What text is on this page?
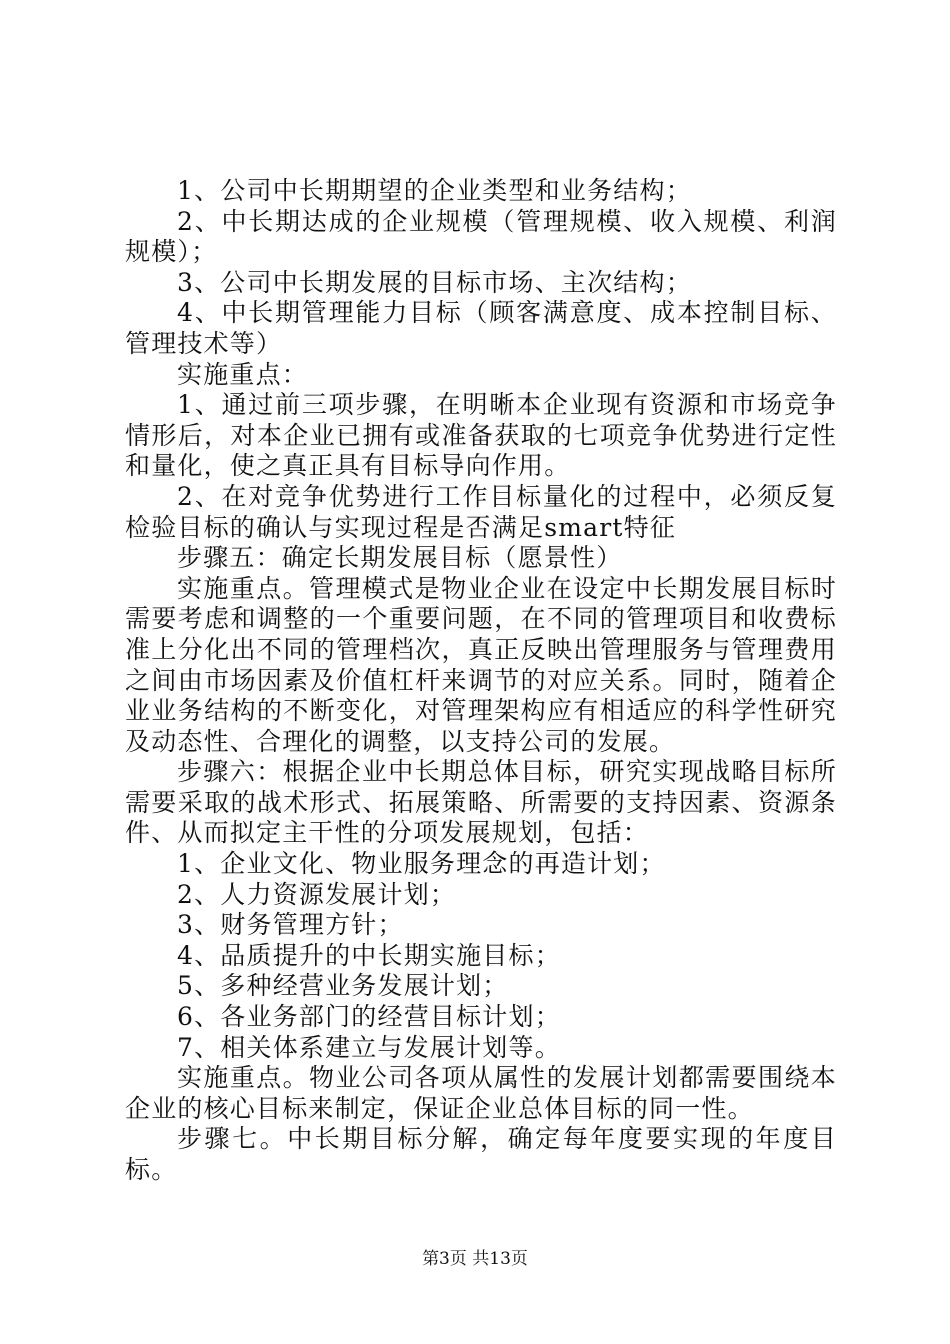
1、公司中长期期望的企业类型和业务结构；

2、中长期达成的企业规模（管理规模、收入规模、利润规模）；

3、公司中长期发展的目标市场、主次结构；

4、中长期管理能力目标（顾客满意度、成本控制目标、管理技术等）

实施重点：

1、通过前三项步骤，在明晰本企业现有资源和市场竞争情形后，对本企业已拥有或准备获取的七项竞争优势进行定性和量化，使之真正具有目标导向作用。

2、在对竞争优势进行工作目标量化的过程中，必须反复检验目标的确认与实现过程是否满足smart特征

步骤五：确定长期发展目标（愿景性）

实施重点。管理模式是物业企业在设定中长期发展目标时需要考虑和调整的一个重要问题，在不同的管理项目和收费标准上分化出不同的管理档次，真正反映出管理服务与管理费用之间由市场因素及价值杠杆来调节的对应关系。同时，随着企业业务结构的不断变化，对管理架构应有相适应的科学性研究及动态性、合理化的调整，以支持公司的发展。

步骤六：根据企业中长期总体目标，研究实现战略目标所需要采取的战术形式、拓展策略、所需要的支持因素、资源条件、从而拟定主干性的分项发展规划，包括：

1、企业文化、物业服务理念的再造计划；

2、人力资源发展计划；

3、财务管理方针；

4、品质提升的中长期实施目标；

5、多种经营业务发展计划；

6、各业务部门的经营目标计划；

7、相关体系建立与发展计划等。

实施重点。物业公司各项从属性的发展计划都需要围绕本企业的核心目标来制定，保证企业总体目标的同一性。

步骤七。中长期目标分解，确定每年度要实现的年度目标。

第3页 共13页
